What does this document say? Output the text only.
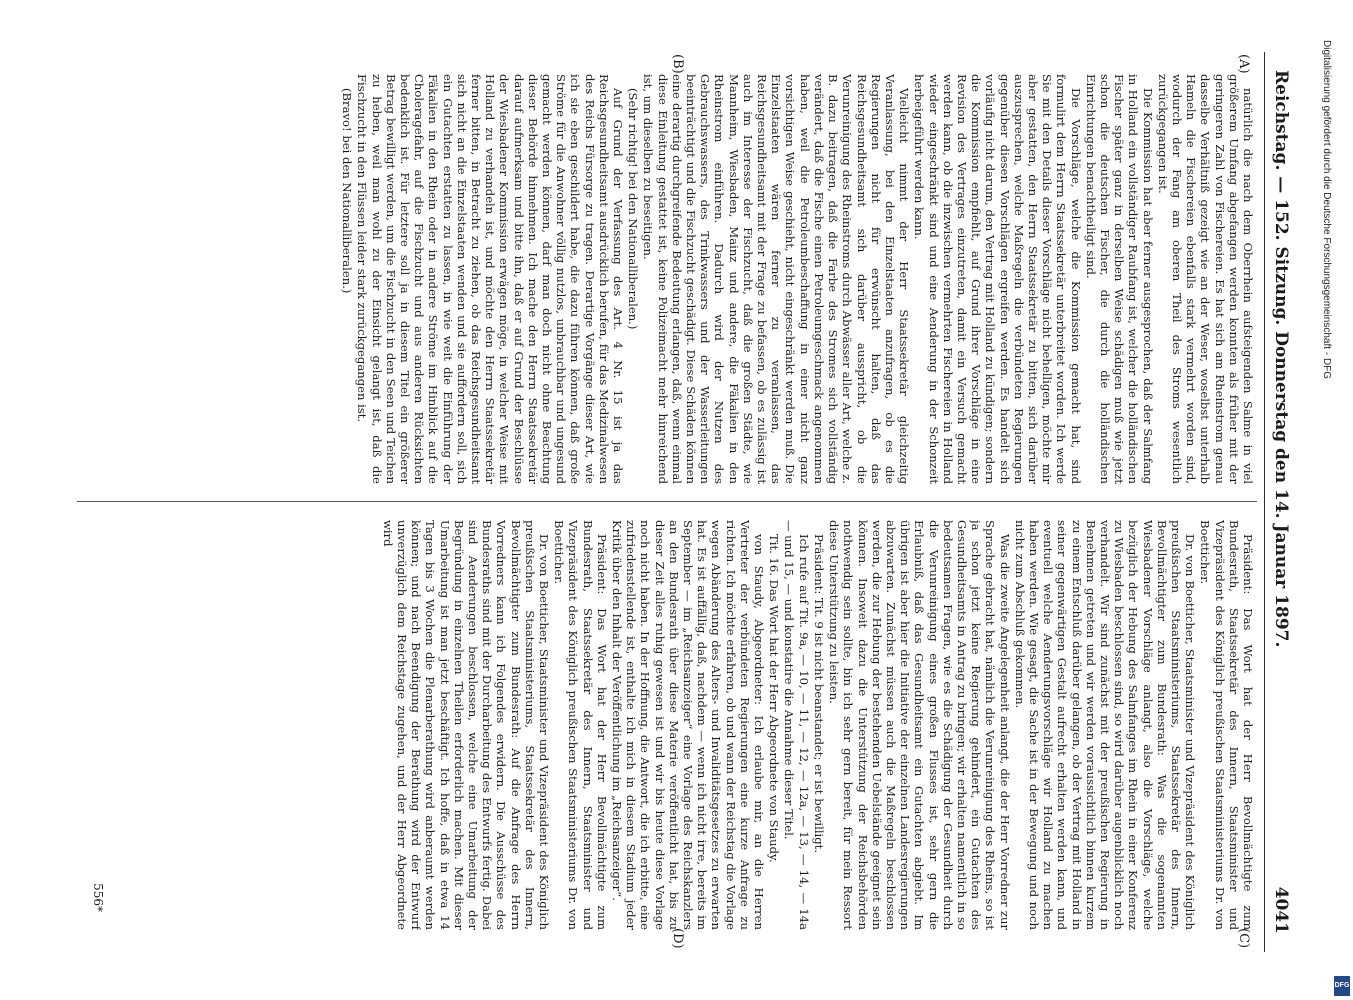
Reichstag. — 152. Sitzung. Donnerstag den 14. Januar 1897.
4041
(A)
(B)
(C)
(D)

natürlich die nach dem Oberrhein aufsteigenden Salme in viel größerem Umfang abgefangen werden konnten als früher mit der geringeren Zahl von Fischereien. Es hat sich am Rheinstrom genau dasselbe Verhältniß gezeigt wie an der Weser, woselbst unterhalb Hameln die Fischereien ebenfalls stark vermehrt worden sind, wodurch der Fang am oberen Theil des Stroms wesentlich zurückgegangen ist.

Die Kommission hat aber ferner ausgesprochen, daß der Salmfang in Holland ein vollständiger Raubfang ist, welcher die holländischen Fischer später ganz in derselben Weise schädigen muß wie jetzt schon die deutschen Fischer, die durch die holländischen Einrichtungen benachtheiligt sind.

Die Vorschläge, welche die Kommission gemacht hat, sind formulirt dem Herrn Staatssekretär unterbreitet worden. Ich werde Sie mit den Details dieser Vorschläge nicht behelligen, möchte mir aber gestatten, den Herrn Staatssekretär zu bitten, sich darüber auszusprechen, welche Maßregeln die verbündeten Regierungen gegenüber diesen Vorschlägen ergreifen werden. Es handelt sich vorläufig nicht darum, den Vertrag mit Holland zu kündigen; sondern die Kommission empfiehlt, auf Grund ihrer Vorschläge in eine Revision des Vertrages einzutreten, damit ein Versuch gemacht werden kann, ob die inzwischen vermehrten Fischereien in Holland wieder eingeschränkt sind und eine Aenderung in der Schonzeit herbeigeführt werden kann.

Vielleicht nimmt der Herr Staatssekretär gleichzeitig Veranlassung, bei den Einzelstaaten anzufragen, ob es die Regierungen nicht für erwünscht halten, daß das Reichsgesundheitsamt sich darüber ausspricht, ob die Verunreinigung des Rheinstroms durch Abwässer aller Art, welche z. B. dazu beitragen, daß die Farbe des Stromes sich vollständig verändert, daß die Fische einen Petroleumgeschmack angenommen haben, weil die Petroleumbeschaffung in einer nicht ganz vorsichtigen Weise geschieht, nicht eingeschränkt werden muß. Die Einzelstaaten wären ferner zu veranlassen, das Reichsgesundheitsamt mit der Frage zu befassen, ob es zulässig ist auch im Interesse der Fischzucht, daß die großen Städte, wie Mannheim, Wiesbaden, Mainz und andere, die Fäkalien in den Rheinstrom einführen. Dadurch wird der Nutzen des Gebrauchswassers, des Trinkwassers und der Wasserleitungen beeinträchtigt und die Fischzucht geschädigt. Diese Schäden können eine derartig durchgreifende Bedeutung erlangen, daß, wenn einmal diese Einleitung gestattet ist, keine Polizeimacht mehr hinreichend ist, um dieselben zu beseitigen.

(Sehr richtig! bei den Nationalliberalen.)

Auf Grund der Verfassung des Art. 4 Nr. 15 ist ja das Reichsgesundheitsamt ausdrücklich berufen, für das Medizinalwesen des Reichs Fürsorge zu tragen. Derartige Vorgänge dieser Art, wie ich sie eben geschildert habe, die dazu führen können, daß große Ströme für die Anwohner völlig nutzlos, unbrauchbar und ungesund gemacht werden können, darf man doch nicht ohne Beachtung dieser Behörde hinnehmen. Ich mache den Herrn Staatssekretär darauf aufmerksam und bitte ihn, daß er auf Grund der Beschlüsse der Wiesbadener Kommission erwägen möge, in welcher Weise mit Holland zu verhandeln ist, und möchte den Herrn Staatssekretär ferner bitten, in Betracht zu ziehen, ob das Reichsgesundheitsamt sich nicht an die Einzelstaaten wenden und sie auffordern soll, sich ein Gutachten erstatten zu lassen, in wie weit die Einführung der Fäkalien in den Rhein oder in andere Ströme im Hinblick auf die Choleragefahr, auf die Fischzucht und aus anderen Rücksichten bedenklich ist. Für letztere soll ja in diesem Titel ein größerer Betrag bewilligt werden, um die Fischzucht in den Seen und Teichen zu heben, weil man wohl zu der Einsicht gelangt ist, daß die Fischzucht in den Flüssen leider stark zurückgegangen ist.

(Bravo! bei den Nationalliberalen.)

Präsident: Das Wort hat der Herr Bevollmächtigte zum Bundesrath, Staatssekretär des Innern, Staatsminister und Vizepräsident des Königlich preußischen Staatsministeriums Dr. von Boetticher.

Dr. von Boetticher, Staatsminister und Vizepräsident des Königlich preußischen Staatsministeriums, Staatssekretär des Innern, Bevollmächtigter zum Bundesrath: Was die sogenannten Wiesbadener Vorschläge anlangt, also die Vorschläge, welche bezüglich der Hebung des Salmfanges im Rhein in einer Konferenz zu Wiesbaden beschlossen sind, so wird darüber augenblicklich noch verhandelt. Wir sind zunächst mit der preußischen Regierung in Benehmen getreten und wir werden voraussichtlich binnen kurzem zu einem Entschluß darüber gelangen, ob der Vertrag mit Holland in seiner gegenwärtigen Gestalt aufrecht erhalten werden kann, und eventuell welche Aenderungsvorschläge wir Holland zu machen haben werden. Wie gesagt, die Sache ist in der Bewegung und noch nicht zum Abschluß gekommen.

Was die zweite Angelegenheit anlangt, die der Herr Vorredner zur Sprache gebracht hat, nämlich die Verunreinigung des Rheins, so ist ja schon jetzt keine Regierung gehindert, ein Gutachten des Gesundheitsamts in Antrag zu bringen; wir erhalten namentlich in so bedeutsamen Fragen, wie es die Schädigung der Gesundheit durch die Verunreinigung eines großen Flusses ist, sehr gern die Erlaubniß, daß das Gesundheitsamt ein Gutachten abgiebt. Im übrigen ist aber hier die Initiative der einzelnen Landesregierungen abzuwarten. Zunächst müssen auch die Maßregeln beschlossen werden, die zur Hebung der bestehenden Uebelstände geeignet sein können. Insoweit dazu die Unterstützung der Reichsbehörden nothwendig sein sollte, bin ich sehr gern bereit, für mein Ressort diese Unterstützung zu leisten.

Präsident: Tit. 9 ist nicht beanstandet; er ist bewilligt.

Ich rufe auf Tit. 9a, — 10, — 11, — 12, — 12a, — 13, — 14, — 14a — und 15, — und konstatire die Annahme dieser Titel.

Tit. 16. Das Wort hat der Herr Abgeordnete von Staudy.

von Staudy, Abgeordneter: Ich erlaube mir, an die Herren Vertreter der verbündeten Regierungen eine kurze Anfrage zu richten. Ich möchte erfahren, ob und wann der Reichstag die Vorlage wegen Abänderung des Alters- und Invaliditätsgesetzes zu erwarten hat. Es ist auffällig, daß, nachdem — wenn ich nicht irre, bereits im September — im „Reichsanzeiger“ eine Vorlage des Reichskanzlers an den Bundesrath über diese Materie veröffentlicht hat, bis zu dieser Zeit alles ruhig gewesen ist und wir bis heute diese Vorlage noch nicht haben. In der Hoffnung, die Antwort, die ich erbitte, eine zufriedenstellende ist, enthalte ich mich in diesem Stadium jeder Kritik über den Inhalt der Veröffentlichung im „Reichsanzeiger“.

Präsident: Das Wort hat der Herr Bevollmächtigte zum Bundesrath, Staatssekretär des Innern, Staatsminister und Vizepräsident des Königlich preußischen Staatsministeriums Dr. von Boetticher.

Dr. von Boetticher, Staatsminister und Vizepräsident des Königlich preußischen Staatsministeriums, Staatssekretär des Innern, Bevollmächtigter zum Bundesrath: Auf die Anfrage des Herrn Vorredners kann ich Folgendes erwidern. Die Ausschüsse des Bundesraths sind mit der Durcharbeitung des Entwurfs fertig. Dabei sind Aenderungen beschlossen, welche eine Umarbeitung der Begründung in einzelnen Theilen erforderlich machen. Mit dieser Umarbeitung ist man jetzt beschäftigt. Ich hoffe, daß in etwa 14 Tagen bis 3 Wochen die Plenarberathung wird anberaumt werden können; und nach Beendigung der Berathung wird der Entwurf unverzüglich dem Reichstage zugehen, und der Herr Abgeordnete wird

556*
Digitalisierung gefördert durch die Deutsche Forschungsgemeinschaft - DFG
DFG
